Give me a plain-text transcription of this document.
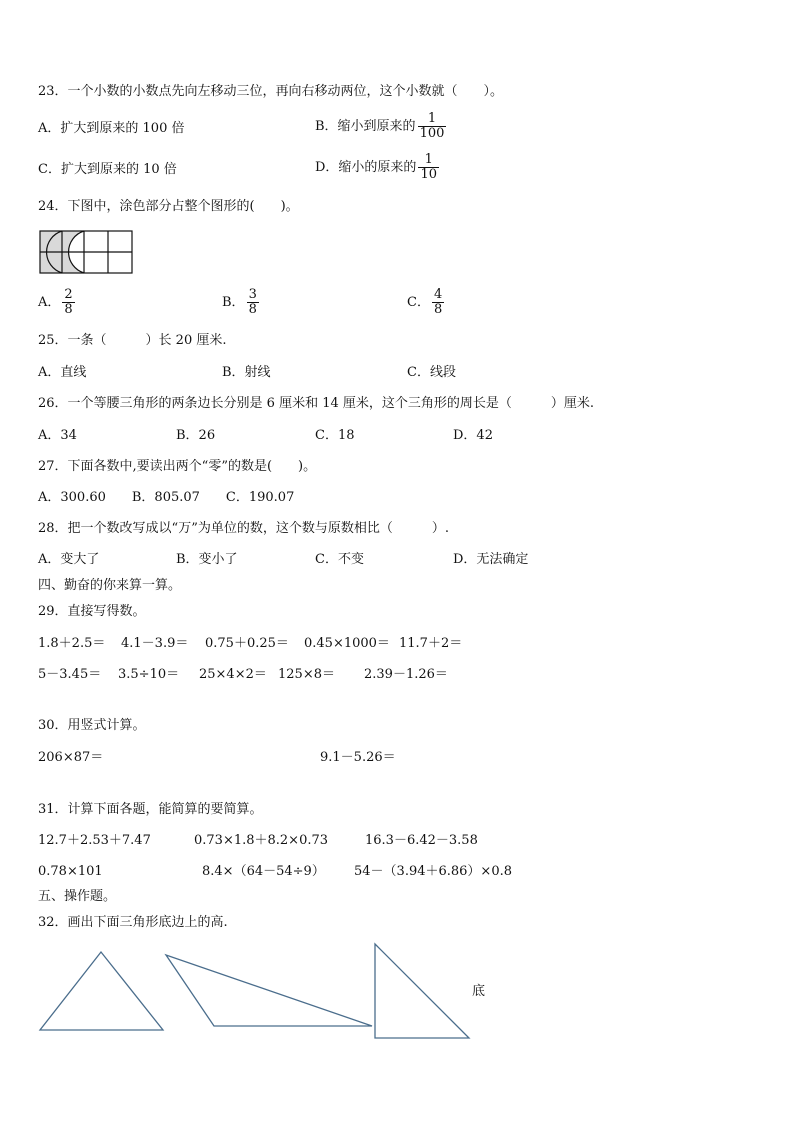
23．一个小数的小数点先向左移动三位，再向右移动两位，这个小数就（　　）。
A．扩大到原来的 100 倍	B．缩小到原来的 $\frac{1}{100}$
C．扩大到原来的 10 倍	D．缩小的原来的 $\frac{1}{10}$
24．下图中，涂色部分占整个图形的(　　)。
A． $\frac{2}{8}$	B． $\frac{3}{8}$	C． $\frac{4}{8}$
25．一条（　　　）长 20 厘米.
A．直线	B．射线	C．线段
26．一个等腰三角形的两条边长分别是 6 厘米和 14 厘米，这个三角形的周长是（　　　）厘米.
A．34	B．26	C．18	D．42
27．下面各数中,要读出两个“零”的数是(　　)。
A．300.60　　B．805.07　　C．190.07
28．把一个数改写成以“万”为单位的数，这个数与原数相比（　　　）.
A．变大了	B．变小了	C．不变	D．无法确定
四、勤奋的你来算一算。
29．直接写得数。
1.8＋2.5＝ 4.1－3.9＝ 0.75＋0.25＝ 0.45×1000＝ 11.7＋2＝
5－3.45＝ 3.5÷10＝ 25×4×2＝ 125×8＝ 2.39－1.26＝
30．用竖式计算。
206×87＝	9.1－5.26＝
31．计算下面各题，能简算的要简算。
12.7＋2.53＋7.47	0.73×1.8＋8.2×0.73	16.3－6.42－3.58
0.78×101	8.4×（64－54÷9） 54－（3.94＋6.86）×0.8
五、操作题。
32．画出下面三角形底边上的高.
底
